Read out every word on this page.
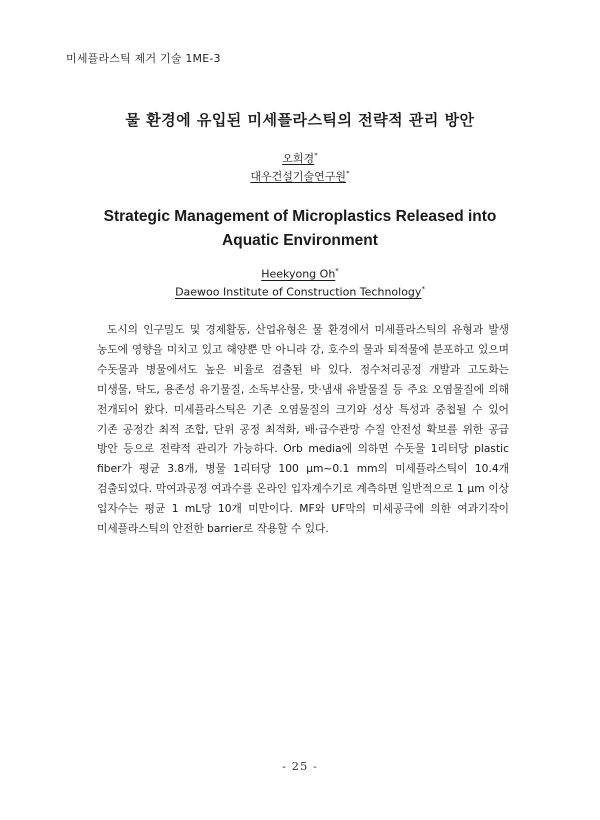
미세플라스틱 제거 기술 1ME-3
물 환경에 유입된 미세플라스틱의 전략적 관리 방안
오희경*
대우건설기술연구원*
Strategic Management of Microplastics Released into
Aquatic Environment
Heekyong Oh*
Daewoo Institute of Construction Technology*

도시의 인구밀도 및 경제활동, 산업유형은 물 환경에서 미세플라스틱의 유형과 발생 농도에 영향을 미치고 있고 해양뿐 만 아니라 강, 호수의 물과 퇴적물에 분포하고 있으며 수돗물과 병물에서도 높은 비율로 검출된 바 있다. 정수처리공정 개발과 고도화는 미생물, 탁도, 용존성 유기물질, 소독부산물, 맛·냄새 유발물질 등 주요 오염물질에 의해 전개되어 왔다. 미세플라스틱은 기존 오염물질의 크기와 성상 특성과 중첩될 수 있어 기존 공정간 최적 조합, 단위 공정 최적화, 배·급수관망 수질 안전성 확보를 위한 공급 방안 등으로 전략적 관리가 가능하다. Orb media에 의하면 수돗물 1리터당 plastic fiber가 평균 3.8개, 병물 1리터당 100 μm~0.1 mm의 미세플라스틱이 10.4개 검출되었다. 막여과공정 여과수를 온라인 입자계수기로 계측하면 일반적으로 1 μm 이상 입자수는 평균 1 mL당 10개 미만이다. MF와 UF막의 미세공극에 의한 여과기작이 미세플라스틱의 안전한 barrier로 작용할 수 있다.

- 25 -
